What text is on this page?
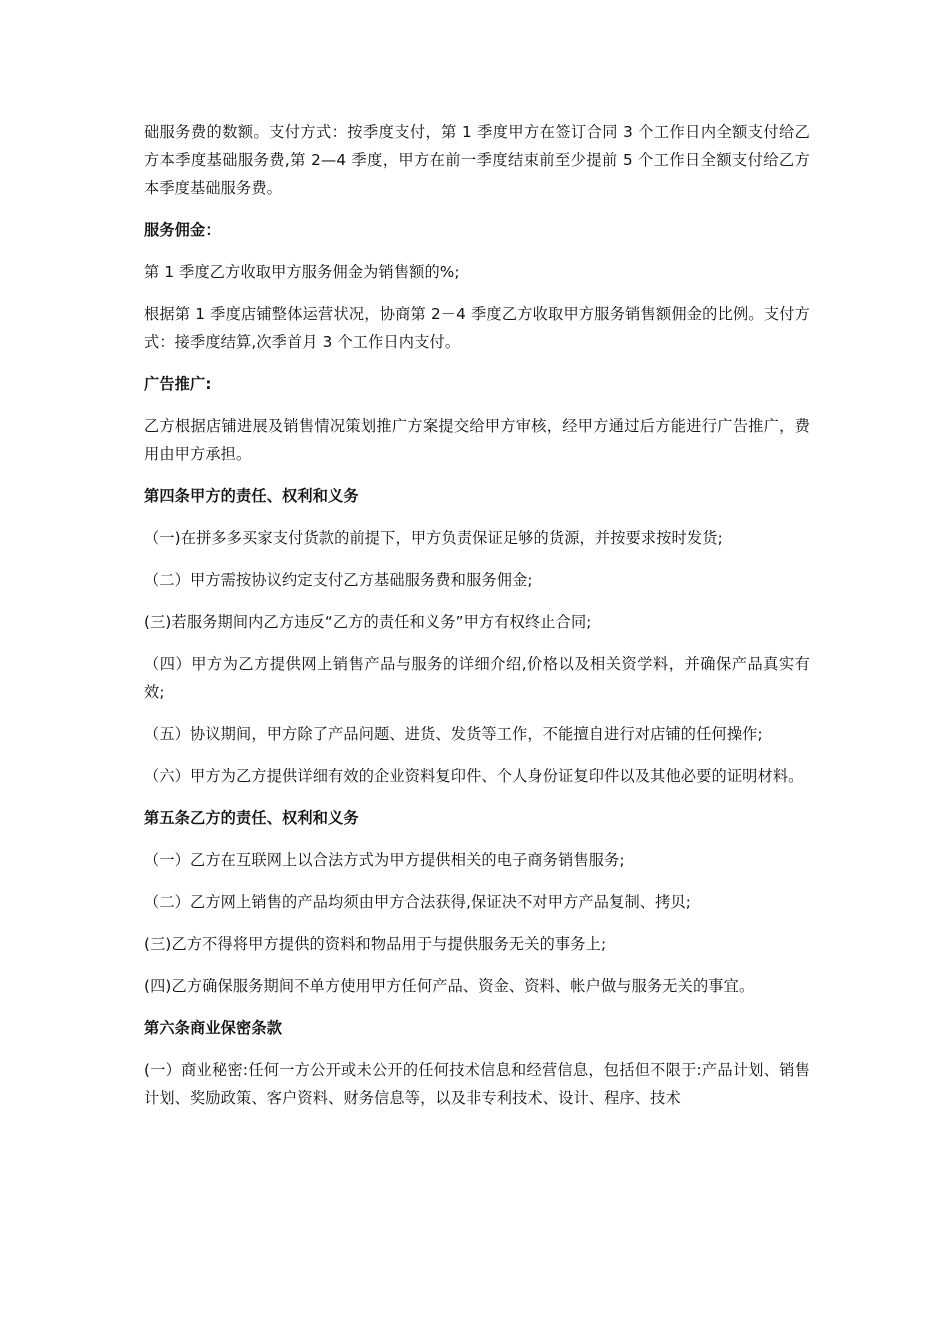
础服务费的数额。支付方式：按季度支付，第 1 季度甲方在签订合同 3 个工作日内全额支付给乙方本季度基础服务费,第 2—4 季度，甲方在前一季度结束前至少提前 5 个工作日全额支付给乙方本季度基础服务费。

服务佣金：

第 1 季度乙方收取甲方服务佣金为销售额的%;

根据第 1 季度店铺整体运营状况，协商第 2－4 季度乙方收取甲方服务销售额佣金的比例。支付方式：接季度结算,次季首月 3 个工作日内支付。

广告推广:

乙方根据店铺进展及销售情况策划推广方案提交给甲方审核，经甲方通过后方能进行广告推广，费用由甲方承担。

第四条甲方的责任、权利和义务

（一)在拼多多买家支付货款的前提下，甲方负责保证足够的货源，并按要求按时发货;

（二）甲方需按协议约定支付乙方基础服务费和服务佣金;

(三)若服务期间内乙方违反“乙方的责任和义务”甲方有权终止合同;

（四）甲方为乙方提供网上销售产品与服务的详细介绍,价格以及相关资学料，并确保产品真实有效;

（五）协议期间，甲方除了产品问题、进货、发货等工作，不能擅自进行对店铺的任何操作;

（六）甲方为乙方提供详细有效的企业资料复印件、个人身份证复印件以及其他必要的证明材料。

第五条乙方的责任、权利和义务

（一）乙方在互联网上以合法方式为甲方提供相关的电子商务销售服务;

（二）乙方网上销售的产品均须由甲方合法获得,保证决不对甲方产品复制、拷贝;

(三)乙方不得将甲方提供的资料和物品用于与提供服务无关的事务上;

(四)乙方确保服务期间不单方使用甲方任何产品、资金、资料、帐户做与服务无关的事宜。

第六条商业保密条款

(一）商业秘密:任何一方公开或未公开的任何技术信息和经营信息，包括但不限于:产品计划、销售计划、奖励政策、客户资料、财务信息等，以及非专利技术、设计、程序、技术
